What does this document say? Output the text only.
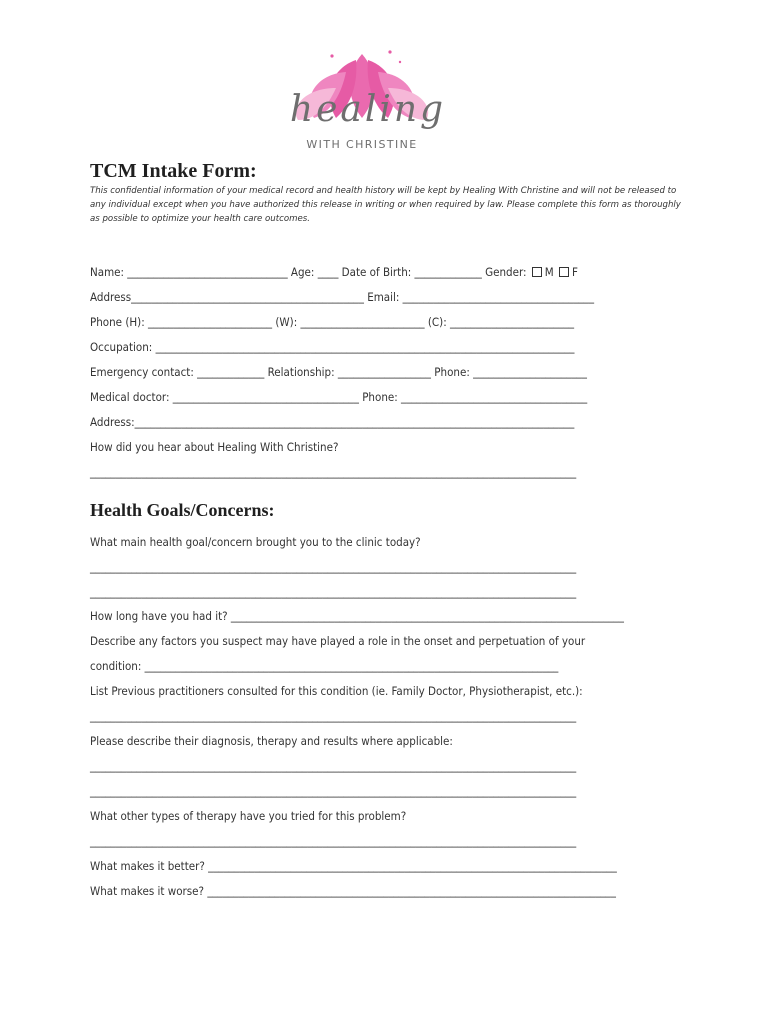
healing
WITH CHRISTINE
TCM Intake Form:

This confidential information of your medical record and health history will be kept by Healing With Christine and will not be released to any individual except when you have authorized this release in writing or when required by law. Please complete this form as thoroughly as possible to optimize your health care outcomes.

Name: _______________________________ Age: ____ Date of Birth: _____________ Gender: M F
Address_____________________________________________ Email: _____________________________________
Phone (H): ________________________ (W): ________________________ (C): ________________________
Occupation: _________________________________________________________________________________
Emergency contact: _____________ Relationship: __________________ Phone: ______________________
Medical doctor: ____________________________________ Phone: ____________________________________
Address:_____________________________________________________________________________________
How did you hear about Healing With Christine?
______________________________________________________________________________________________
Health Goals/Concerns:
What main health goal/concern brought you to the clinic today?
______________________________________________________________________________________________
______________________________________________________________________________________________
How long have you had it? ____________________________________________________________________________
Describe any factors you suspect may have played a role in the onset and perpetuation of your
condition: ________________________________________________________________________________
List Previous practitioners consulted for this condition (ie. Family Doctor, Physiotherapist, etc.):
______________________________________________________________________________________________
Please describe their diagnosis, therapy and results where applicable:
______________________________________________________________________________________________
______________________________________________________________________________________________
What other types of therapy have you tried for this problem?
______________________________________________________________________________________________
What makes it better? _______________________________________________________________________________
What makes it worse? _______________________________________________________________________________
